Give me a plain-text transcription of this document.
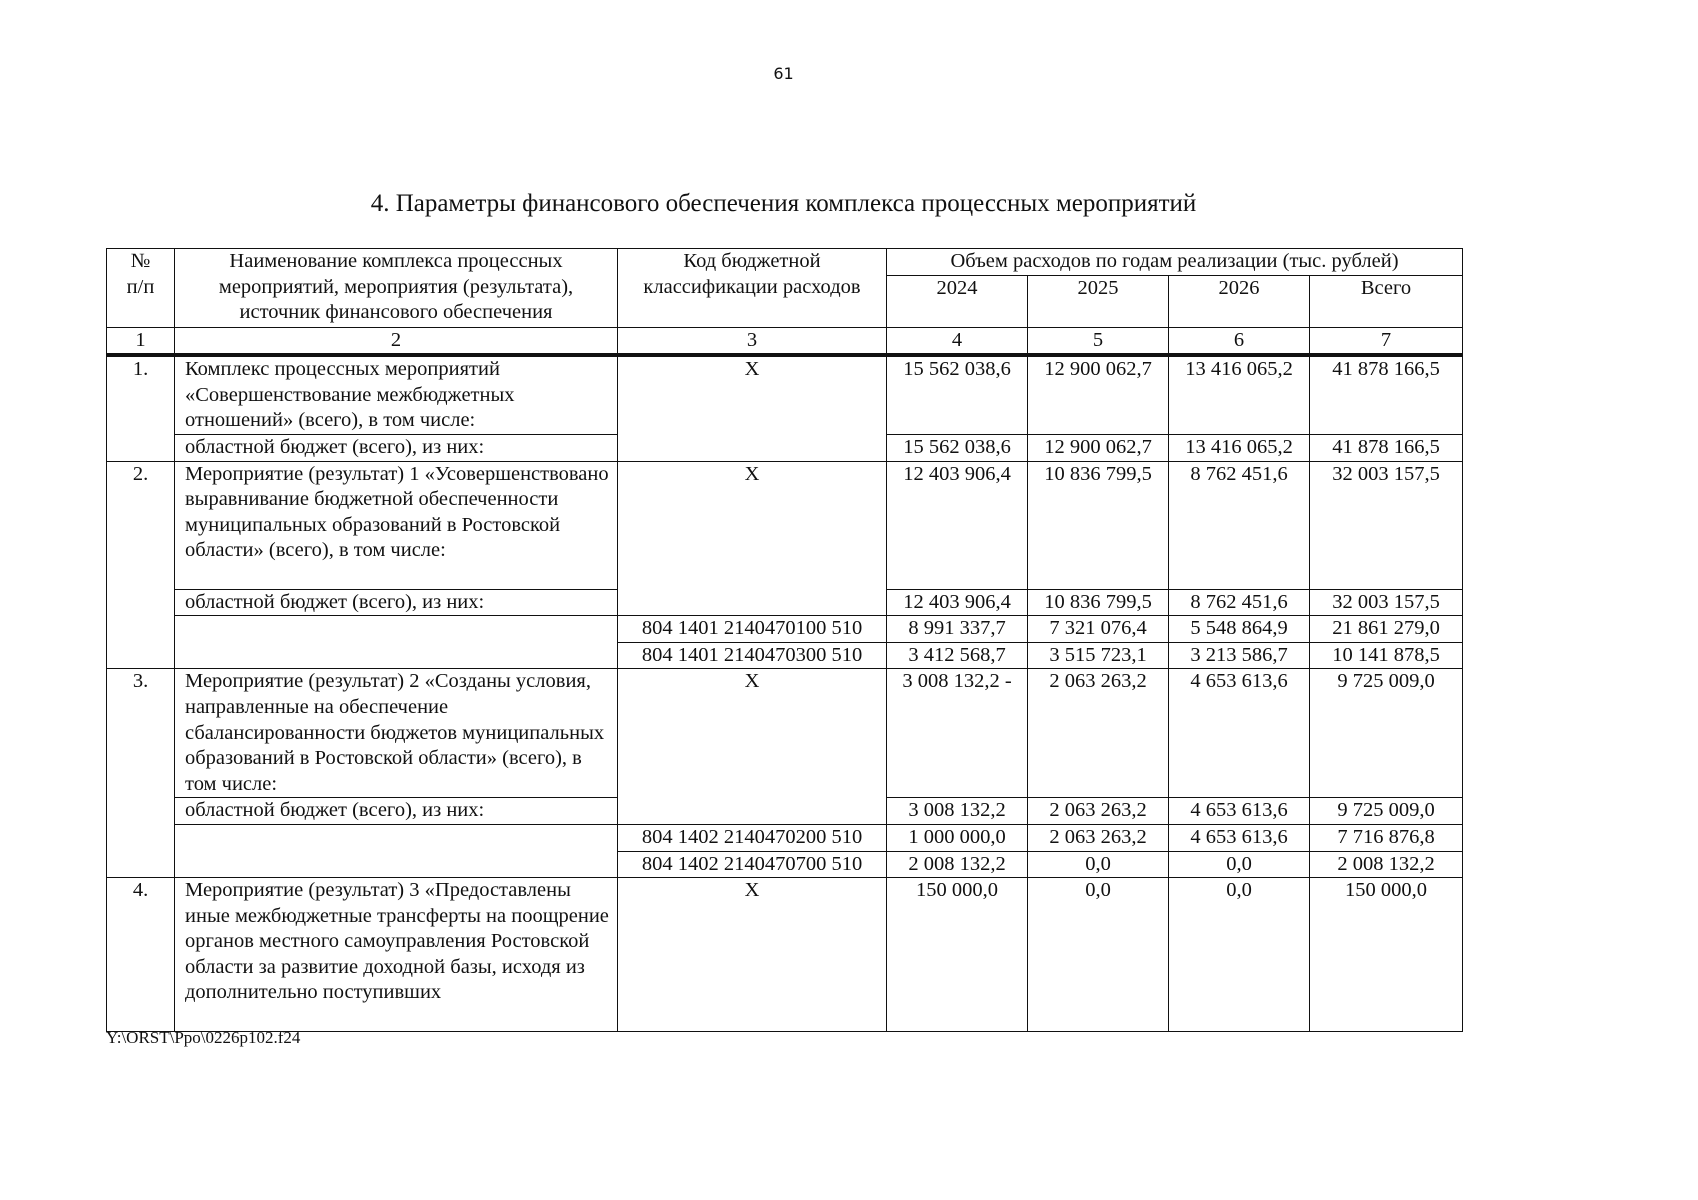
61
4. Параметры финансового обеспечения комплекса процессных мероприятий
№
п/п	Наименование комплекса процессных мероприятий, мероприятия (результата), источник финансового обеспечения	Код бюджетной классификации расходов	Объем расходов по годам реализации (тыс. рублей)			
			2024	2025	2026	Всего
1	2	3	4	5	6	7
1.	Комплекс процессных мероприятий «Совершенствование межбюджетных отношений» (всего), в том числе:	X	15 562 038,6	12 900 062,7	13 416 065,2	41 878 166,5
	областной бюджет (всего), из них:		15 562 038,6	12 900 062,7	13 416 065,2	41 878 166,5
2.	Мероприятие (результат) 1 «Усовершенствовано выравнивание бюджетной обеспеченности муниципальных образований в Ростовской области» (всего), в том числе:	X	12 403 906,4	10 836 799,5	8 762 451,6	32 003 157,5
	областной бюджет (всего), из них:		12 403 906,4	10 836 799,5	8 762 451,6	32 003 157,5
		804 1401 2140470100 510	8 991 337,7	7 321 076,4	5 548 864,9	21 861 279,0
		804 1401 2140470300 510	3 412 568,7	3 515 723,1	3 213 586,7	10 141 878,5
3.	Мероприятие (результат) 2 «Созданы условия, направленные на обеспечение сбалансированности бюджетов муниципальных образований в Ростовской области» (всего), в том числе:	X	3 008 132,2 -	2 063 263,2	4 653 613,6	9 725 009,0
	областной бюджет (всего), из них:		3 008 132,2	2 063 263,2	4 653 613,6	9 725 009,0
		804 1402 2140470200 510	1 000 000,0	2 063 263,2	4 653 613,6	7 716 876,8
		804 1402 2140470700 510	2 008 132,2	0,0	0,0	2 008 132,2
4.	Мероприятие (результат) 3 «Предоставлены иные межбюджетные трансферты на поощрение органов местного самоуправления Ростовской области за развитие доходной базы, исходя из дополнительно поступивших	X	150 000,0	0,0	0,0	150 000,0
Y:\ORST\Ppo\0226p102.f24
